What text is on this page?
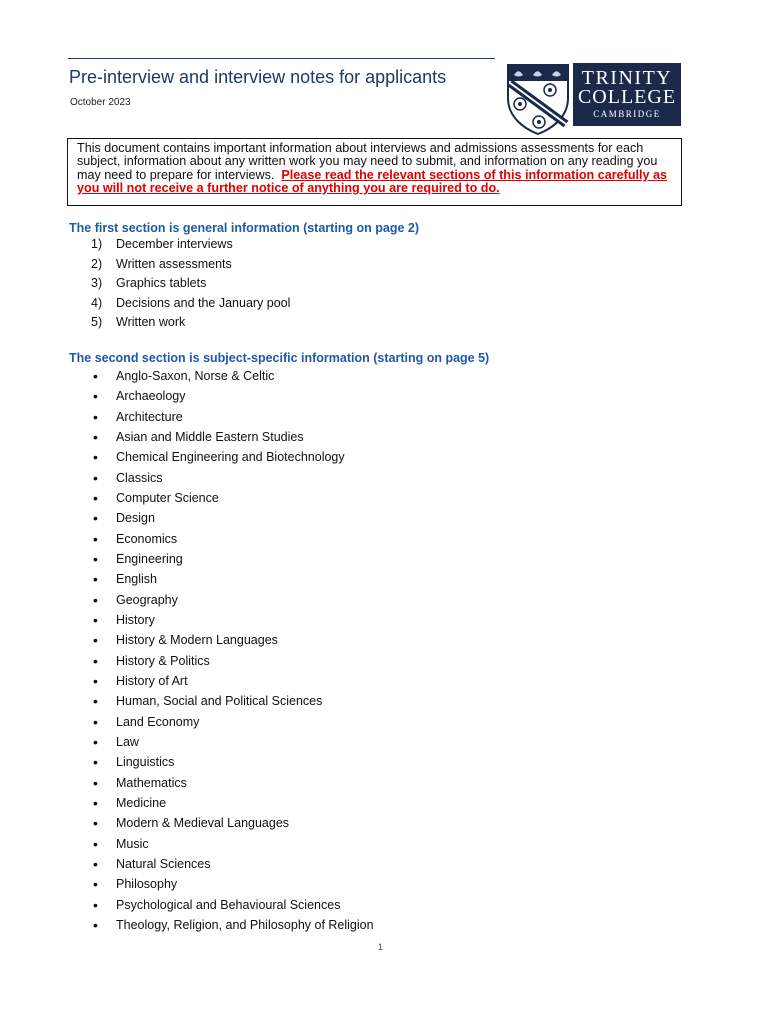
Pre-interview and interview notes for applicants
October 2023
TRINITY
COLLEGE
CAMBRIDGE
This document contains important information about interviews and admissions assessments for each subject, information about any written work you may need to submit, and information on any reading you may need to prepare for interviews. Please read the relevant sections of this information carefully as you will not receive a further notice of anything you are required to do.
The first section is general information (starting on page 2)
1) December interviews
2) Written assessments
3) Graphics tablets
4) Decisions and the January pool
5) Written work
The second section is subject-specific information (starting on page 5)
• Anglo-Saxon, Norse & Celtic
• Archaeology
• Architecture
• Asian and Middle Eastern Studies
• Chemical Engineering and Biotechnology
• Classics
• Computer Science
• Design
• Economics
• Engineering
• English
• Geography
• History
• History & Modern Languages
• History & Politics
• History of Art
• Human, Social and Political Sciences
• Land Economy
• Law
• Linguistics
• Mathematics
• Medicine
• Modern & Medieval Languages
• Music
• Natural Sciences
• Philosophy
• Psychological and Behavioural Sciences
• Theology, Religion, and Philosophy of Religion
1
